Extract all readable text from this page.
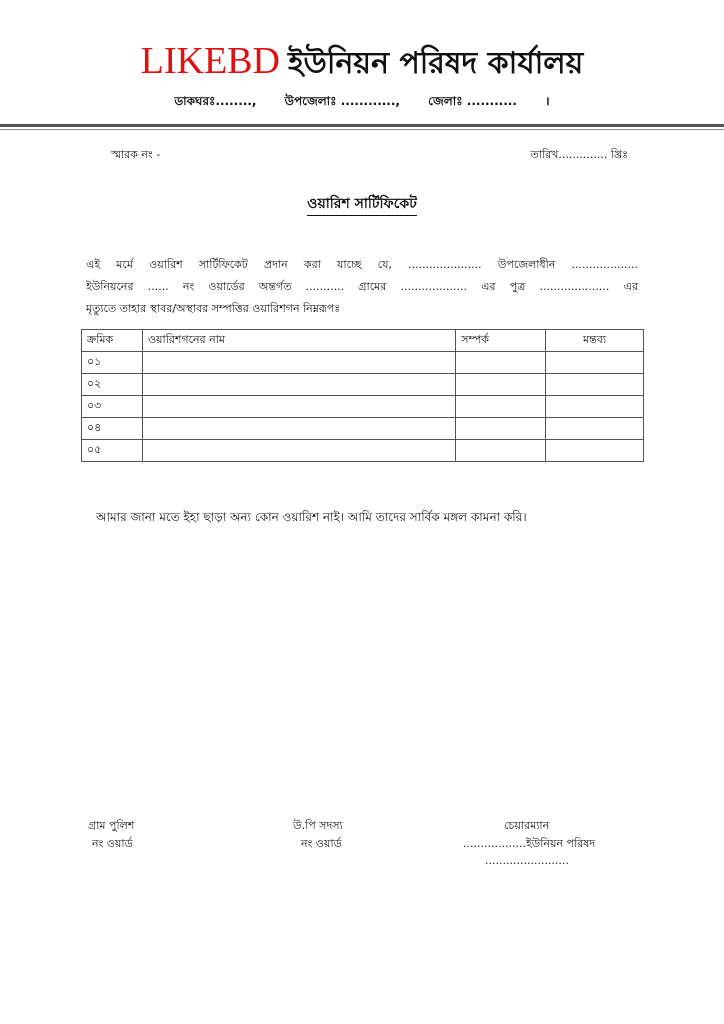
LIKEBD ইউনিয়ন পরিষদ কার্যালয়
ডাকঘরঃ........, উপজেলাঃ ............, জেলাঃ ........... ।
স্মারক নং -	তারিখ.............. খ্রিঃ
ওয়ারিশ সার্টিফিকেট
এই মর্মে ওয়ারিশ সার্টিফিকেট প্রদান করা যাচ্ছে যে, ..................... উপজেলাধীন ...................
ইউনিয়নের ...... নং ওয়ার্ডের অন্তর্গত ........... গ্রামের ................... এর পুত্র .................... এর
মৃত্যুতে তাহার স্থাবর/অস্থাবর সম্পত্তির ওয়ারিশগন নিম্নরূপঃ
ক্রমিক	ওয়ারিশগনের নাম	সম্পর্ক	মন্তব্য
০১			
০২			
০৩			
০৪			
০৫			
আমার জানা মতে ইহা ছাড়া অন্য কোন ওয়ারিশ নাই। আমি তাদের সার্বিক মঙ্গল কামনা করি।
গ্রাম পুলিশ
নং ওয়ার্ড
উ.পি সদস্য
নং ওয়ার্ড
চেয়ারম্যান
..................ইউনিয়ন পরিষদ
........................
